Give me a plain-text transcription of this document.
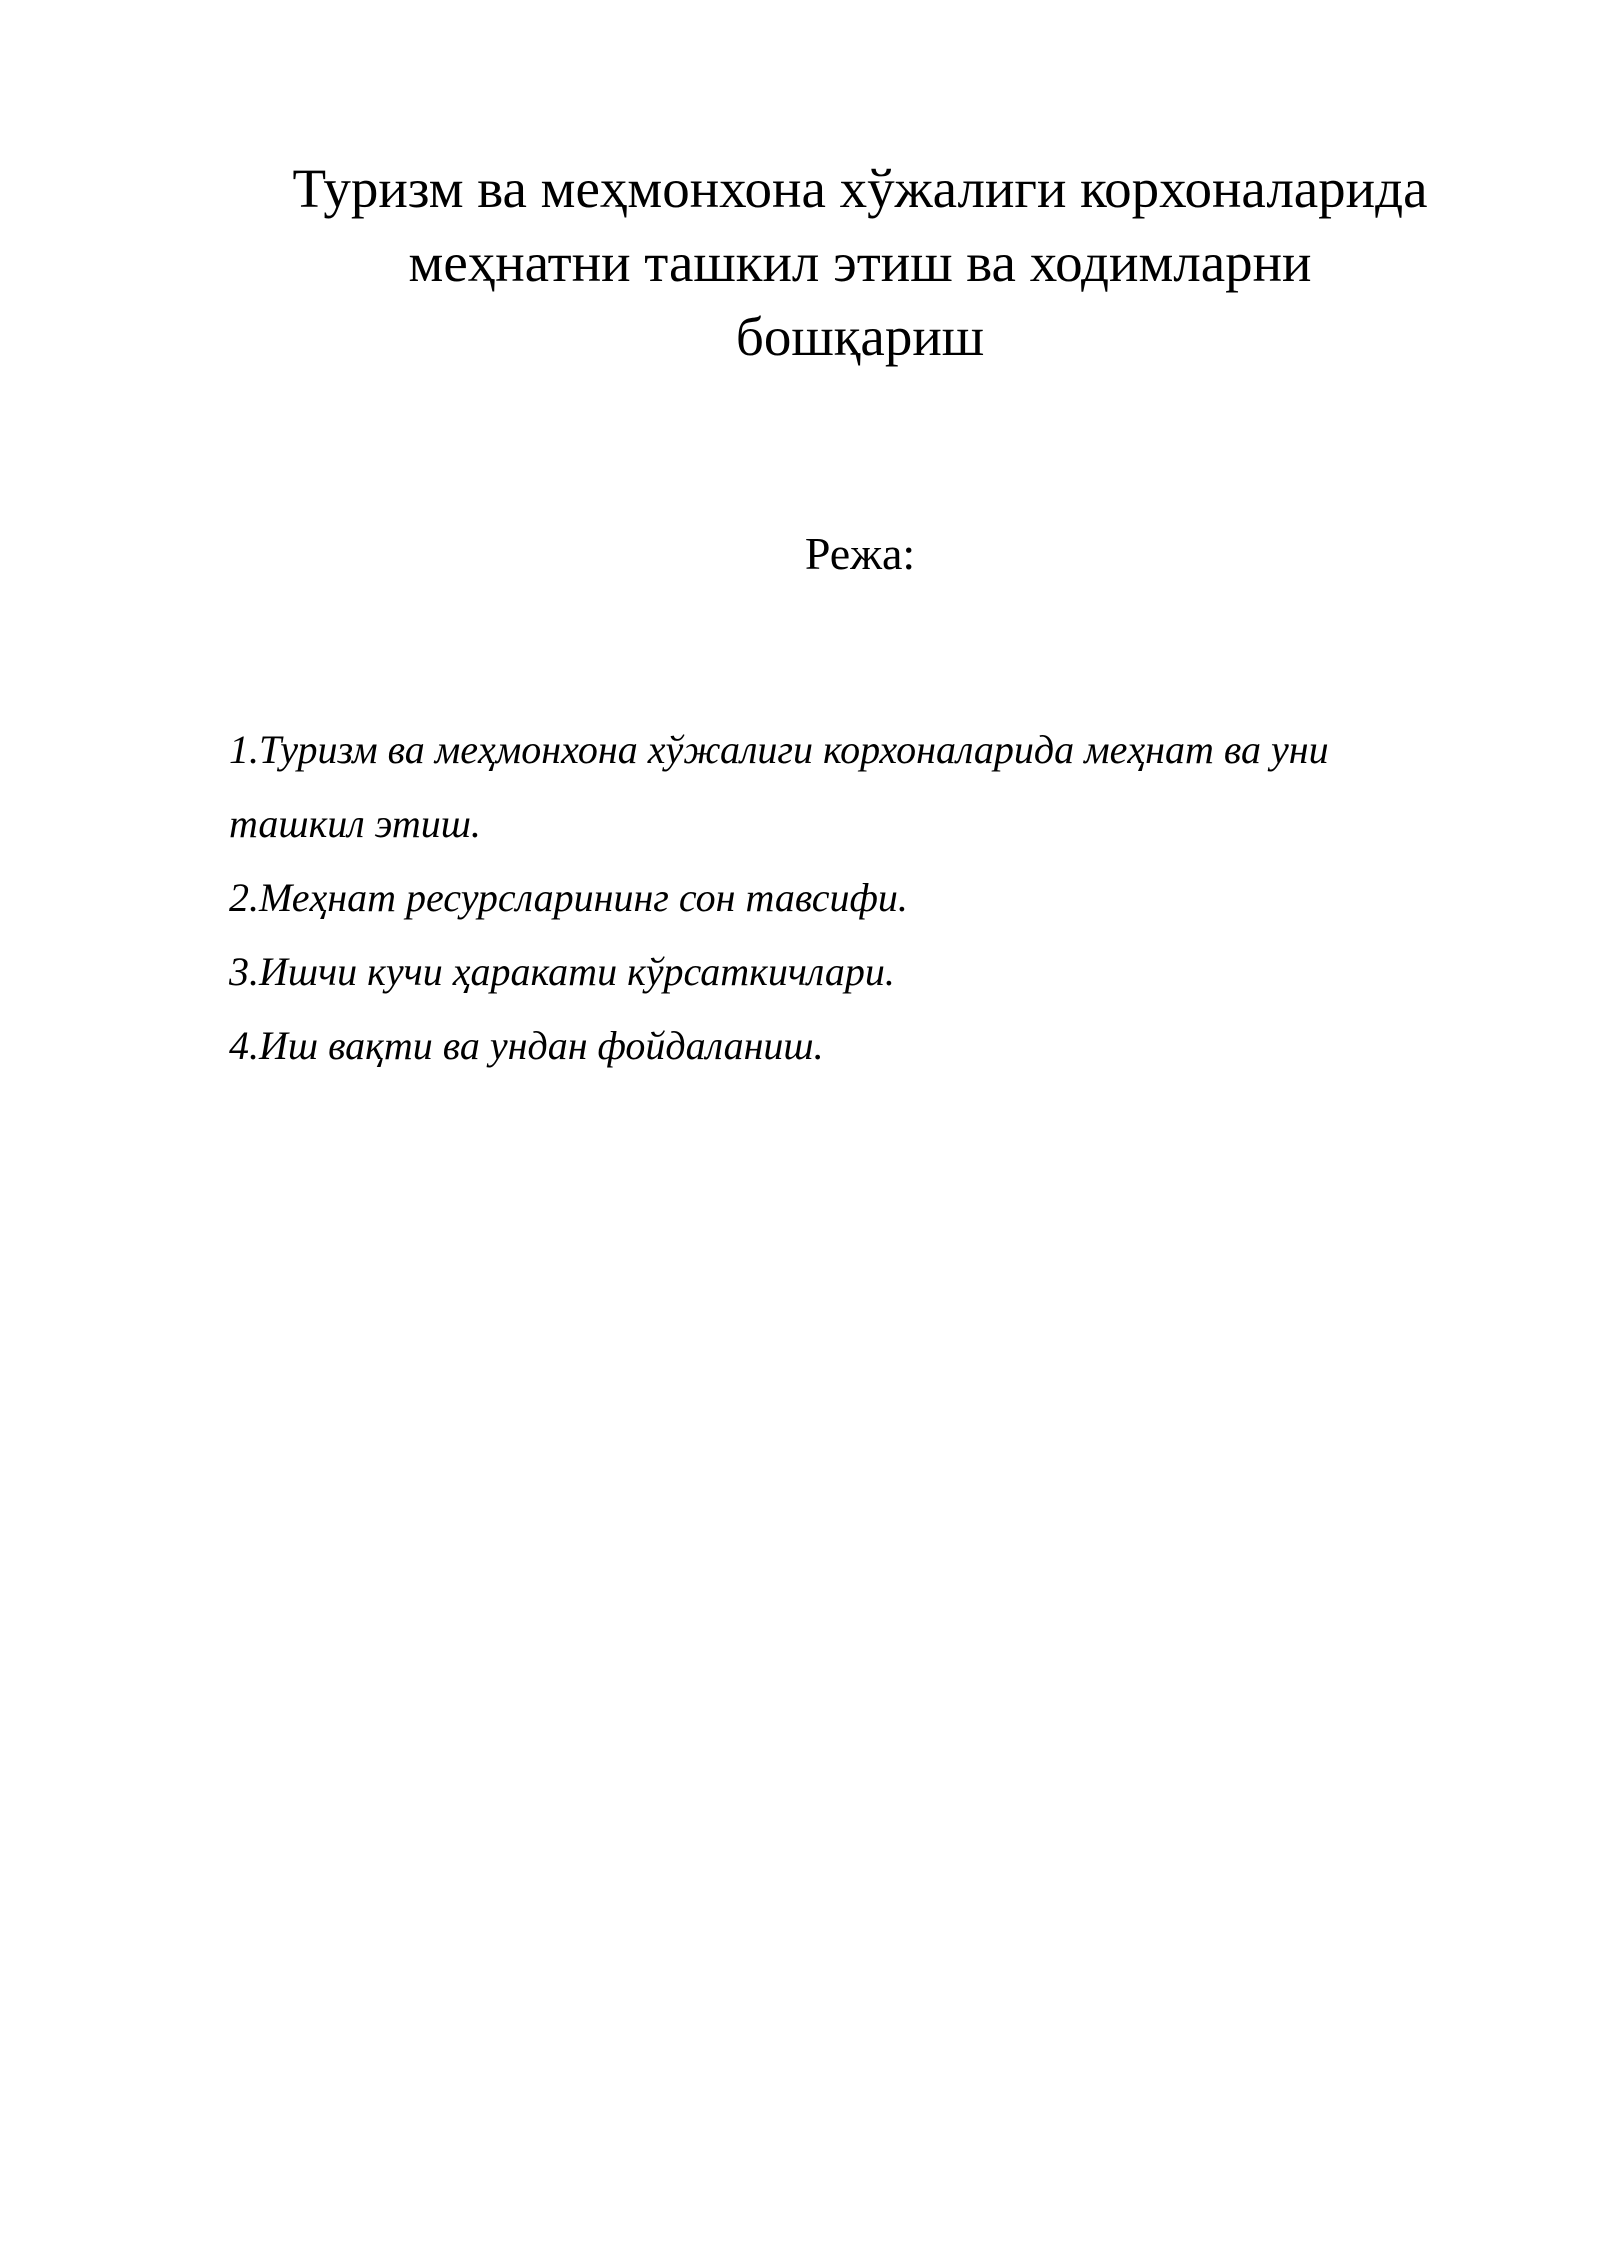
Туризм ва меҳмонхона хўжалиги корхоналарида
меҳнатни ташкил этиш ва ходимларни
бошқариш
Режа:
1.Туризм ва меҳмонхона хўжалиги корхоналарида меҳнат ва уни
ташкил этиш.
2.Меҳнат ресурсларининг сон тавсифи.
3.Ишчи кучи ҳаракати кўрсаткичлари.
4.Иш вақти ва ундан фойдаланиш.
